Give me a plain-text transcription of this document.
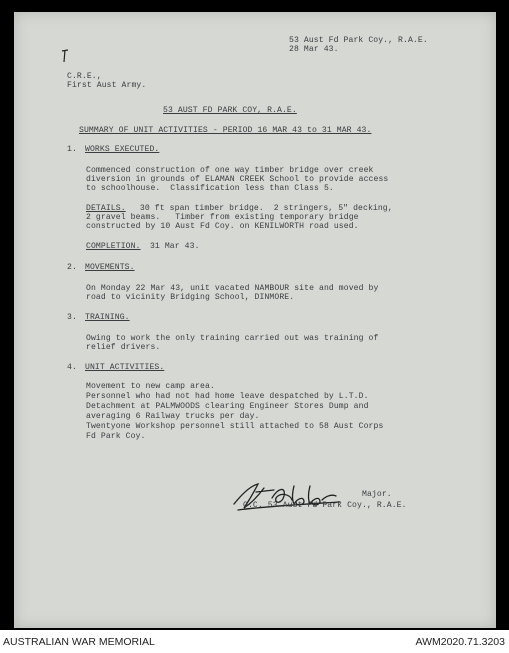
53 Aust Fd Park Coy., R.A.E.
28 Mar 43.
C.R.E.,
First Aust Army.
53 AUST FD PARK COY, R.A.E.
SUMMARY OF UNIT ACTIVITIES - PERIOD 16 MAR 43 to 31 MAR 43.
1. WORKS EXECUTED.
Commenced construction of one way timber bridge over creek
diversion in grounds of ELAMAN CREEK School to provide access
to schoolhouse.  Classification less than Class 5.
DETAILS. 30 ft span timber bridge.  2 stringers, 5" decking,
2 gravel beams.   Timber from existing temporary bridge
constructed by 10 Aust Fd Coy. on KENILWORTH road used.
COMPLETION. 31 Mar 43.
2. MOVEMENTS.
On Monday 22 Mar 43, unit vacated NAMBOUR site and moved by
road to vicinity Bridging School, DINMORE.
3. TRAINING.
Owing to work the only training carried out was training of
relief drivers.
4. UNIT ACTIVITIES.
Movement to new camp area.
Personnel who had not had home leave despatched by L.T.D.
Detachment at PALMWOODS clearing Engineer Stores Dump and
averaging 6 Railway trucks per day.
Twentyone Workshop personnel still attached to 58 Aust Corps
Fd Park Coy.
Major.
O.C. 53 Aust Fd Park Coy., R.A.E.
AUSTRALIAN WAR MEMORIAL	AWM2020.71.3203
